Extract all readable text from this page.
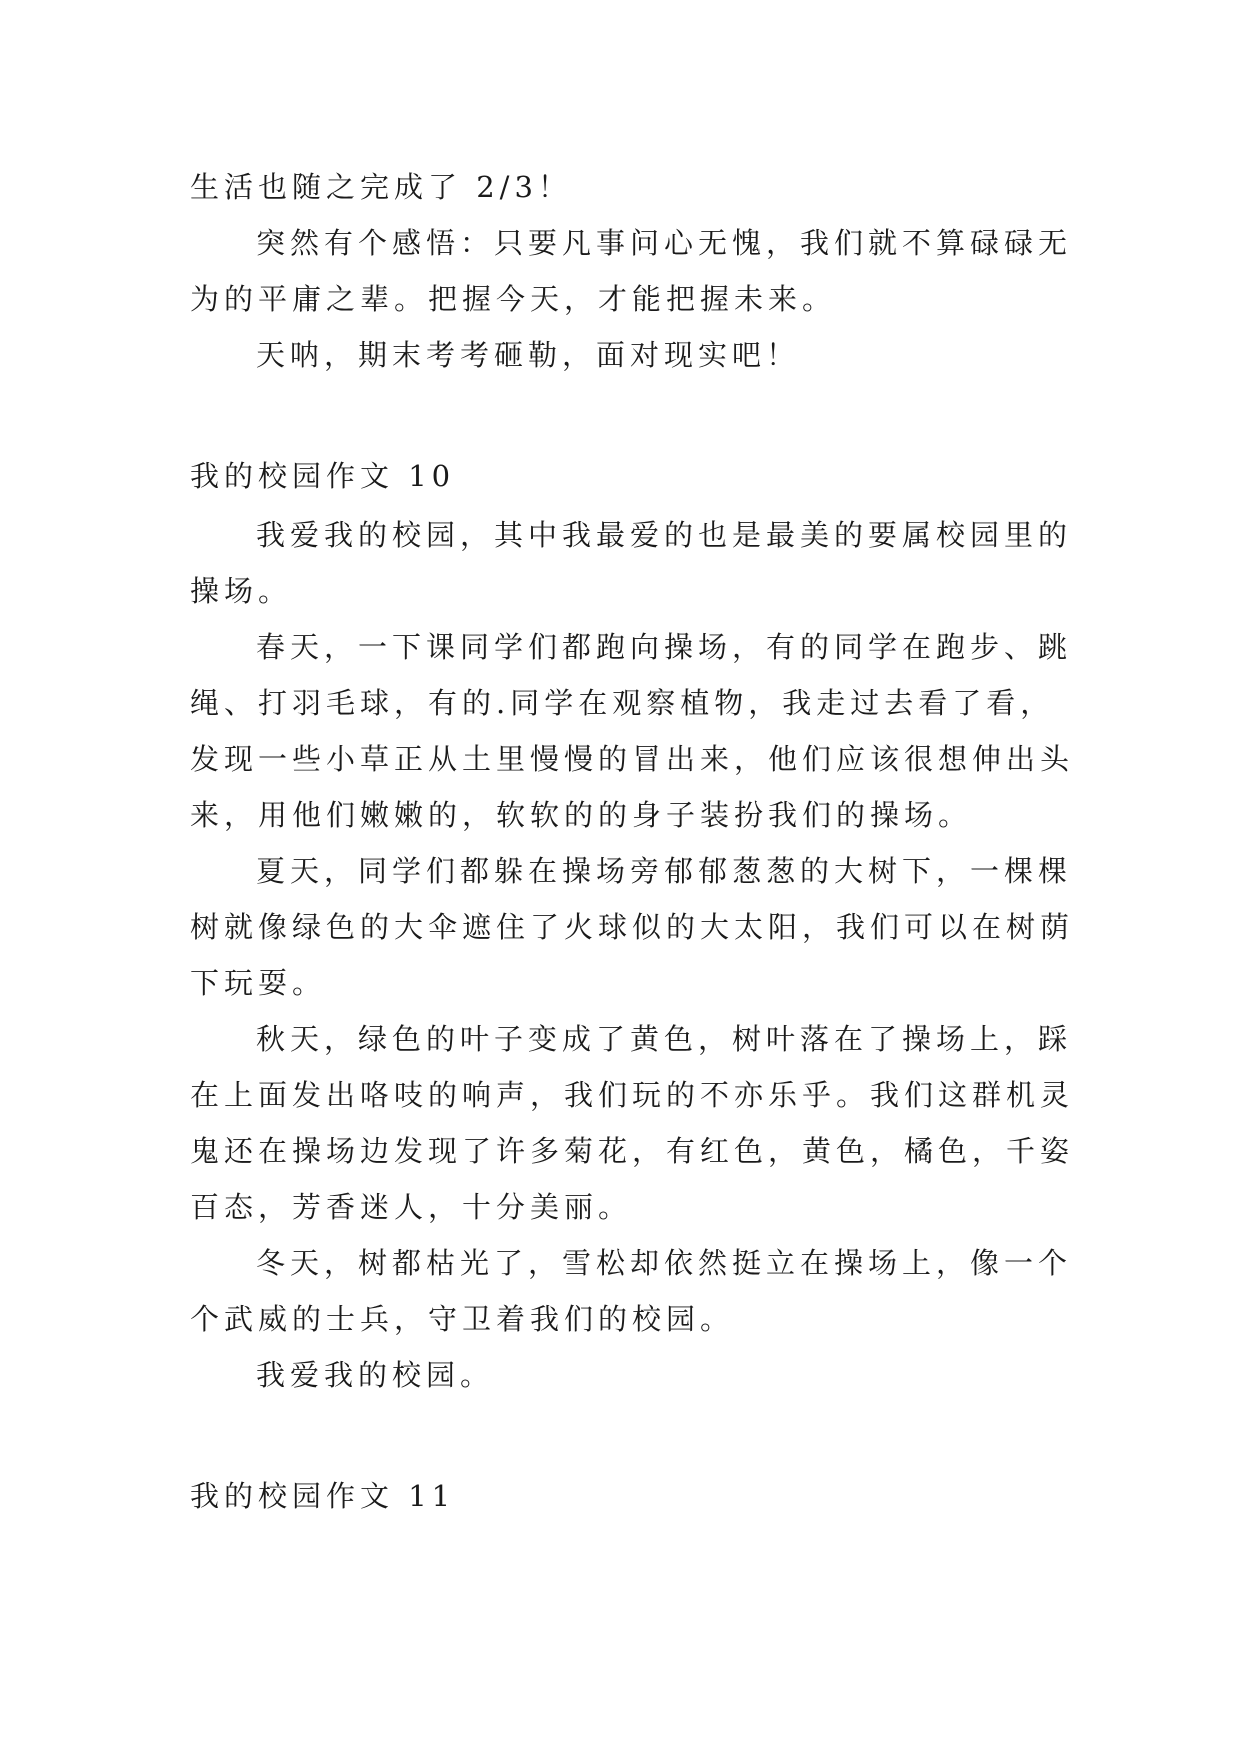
生活也随之完成了 2/3！
突然有个感悟：只要凡事问心无愧，我们就不算碌碌无
为的平庸之辈。把握今天，才能把握未来。
天呐，期末考考砸勒，面对现实吧！
我的校园作文 10
我爱我的校园，其中我最爱的也是最美的要属校园里的
操场。
春天，一下课同学们都跑向操场，有的同学在跑步、跳
绳、打羽毛球，有的.同学在观察植物，我走过去看了看，
发现一些小草正从土里慢慢的冒出来，他们应该很想伸出头
来，用他们嫩嫩的，软软的的身子装扮我们的操场。
夏天，同学们都躲在操场旁郁郁葱葱的大树下，一棵棵
树就像绿色的大伞遮住了火球似的大太阳，我们可以在树荫
下玩耍。
秋天，绿色的叶子变成了黄色，树叶落在了操场上，踩
在上面发出咯吱的响声，我们玩的不亦乐乎。我们这群机灵
鬼还在操场边发现了许多菊花，有红色，黄色，橘色，千姿
百态，芳香迷人，十分美丽。
冬天，树都枯光了，雪松却依然挺立在操场上，像一个
个武威的士兵，守卫着我们的校园。
我爱我的校园。
我的校园作文 11
